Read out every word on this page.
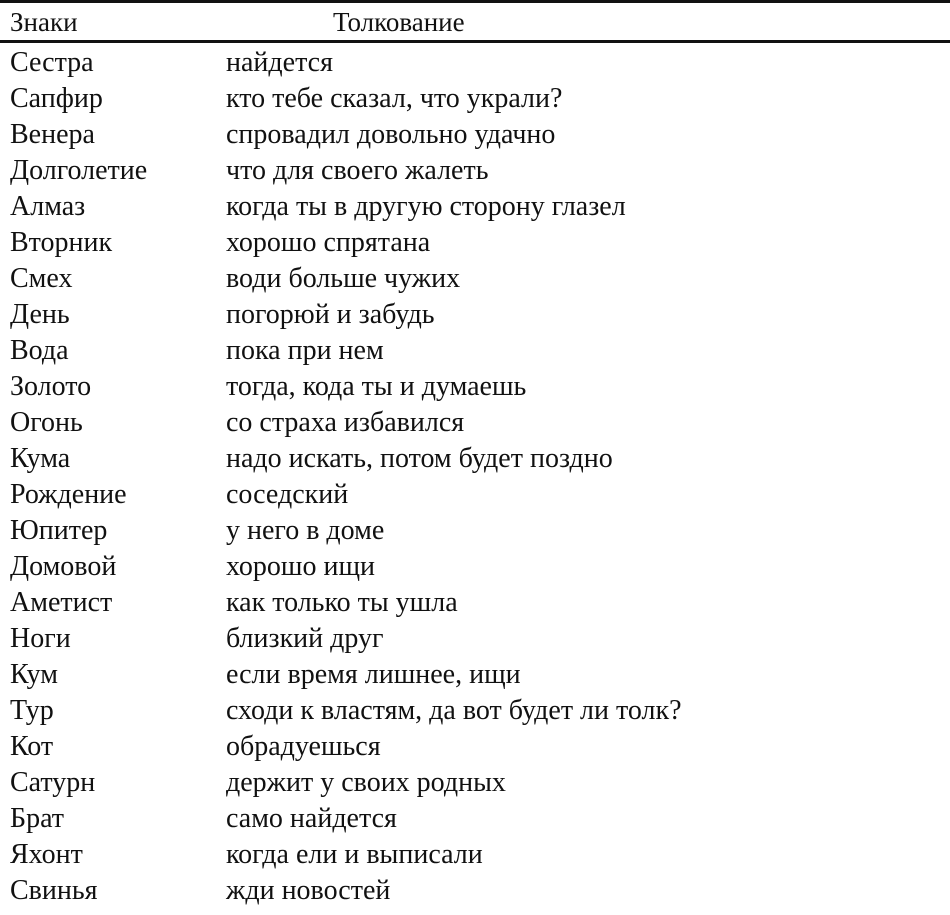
Знаки	Толкование
Сестра	найдется
Сапфир	кто тебе сказал, что украли?
Венера	спровадил довольно удачно
Долголетие	что для своего жалеть
Алмаз	когда ты в другую сторону глазел
Вторник	хорошо спрятана
Смех	води больше чужих
День	погорюй и забудь
Вода	пока при нем
Золото	тогда, кода ты и думаешь
Огонь	со страха избавился
Кума	надо искать, потом будет поздно
Рождение	соседский
Юпитер	у него в доме
Домовой	хорошо ищи
Аметист	как только ты ушла
Ноги	близкий друг
Кум	если время лишнее, ищи
Тур	сходи к властям, да вот будет ли толк?
Кот	обрадуешься
Сатурн	держит у своих родных
Брат	само найдется
Яхонт	когда ели и выписали
Свинья	жди новостей
